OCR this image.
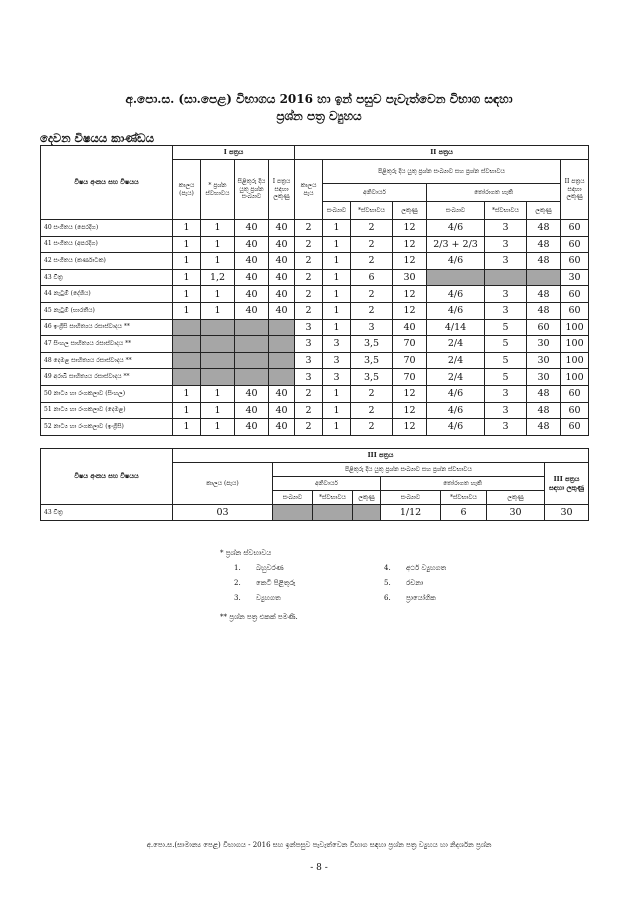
අ.පො.ස. (සා.පෙළ) විභාගය 2016 හා ඉන් පසුව පැවැත්වෙන විභාග සඳහා
ප්‍රශ්න පත්‍ර ව්‍යුහය
දෙවන විෂයය කාණ්ඩය
විෂය අංකය සහ විෂයය	I පත්‍රය				II පත්‍රය							
	කාලය (පැය)	* ප්‍රශ්න ස්වභාවය	සිළිතුරු දිය යුතු ප්‍රශ්න සංඛ්‍යාව	I පත්‍රය සඳහා ලකුණු	කාලය පැය	පිළිතුරු දිය යුතු ප්‍රශ්න සංඛ්‍යාව සහ ප්‍රශ්න ස්වභාවය						II පත්‍රය සඳහා ලකුණු
						අනිවාර්ය			තෝරාගත හැකි			
						සංඛ්‍යාව	*ස්වභාවය	ලකුණු	සංඛ්‍යාව	*ස්වභාවය	ලකුණු	
40 සංගීතය (පෙරදිග)	1	1	40	40	2	1	2	12	4/6	3	48	60
41 සංගීතය (අපරදිග)	1	1	40	40	2	1	2	12	2/3 + 2/3	3	48	60
42 සංගීතය (කර්ණාටක)	1	1	40	40	2	1	2	12	4/6	3	48	60
43 චිත්‍ර	1	1,2	40	40	2	1	6	30				30
44 නැටුම් (දේශීය)	1	1	40	40	2	1	2	12	4/6	3	48	60
45 නැටුම් (භාරතීය)	1	1	40	40	2	1	2	12	4/6	3	48	60
46 ඉංග්‍රීසි සාහිත්‍යය රසාස්වාදය **					3	1	3	40	4/14	5	60	100
47 සිංහල සාහිත්‍යය රසාස්වාදය **					3	3	3,5	70	2/4	5	30	100
48 දෙමළ සාහිත්‍යය රසාස්වාදය **					3	3	3,5	70	2/4	5	30	100
49 අරාබි සාහිත්‍යය රසාස්වාදය **					3	3	3,5	70	2/4	5	30	100
50 නාට්‍ය හා රංගකලාව (සිංහල)	1	1	40	40	2	1	2	12	4/6	3	48	60
51 නාට්‍ය හා රංගකලාව (දෙමළ)	1	1	40	40	2	1	2	12	4/6	3	48	60
52 නාට්‍ය හා රංගකලාව (ඉංග්‍රීසි)	1	1	40	40	2	1	2	12	4/6	3	48	60
විෂය අංකය සහ විෂයය	III පත්‍රය							
	කාලය (පැය)	පිළිතුරු දිය යුතු ප්‍රශ්න සංඛ්‍යාව සහ ප්‍රශ්න ස්වභාවය						III පත්‍රය සඳහා ලකුණු
		අනිවාර්ය			තෝරාගත හැකි			
		සංඛ්‍යාව	*ස්වභාවය	ලකුණු	සංඛ්‍යාව	*ස්වභාවය	ලකුණු	
43 චිත්‍ර	03				1/12	6	30	30
* ප්‍රශ්න ස්වභාවය
1. බහුවරණ	4. අර්ථ ව්‍යුහගත
2. කෙටි පිළිතුරු	5. රචනා
3. ව්‍යුහගත	6. ප්‍රායෝගික
** ප්‍රශ්න පත්‍ර එකක් පමණි.
අ.පො.ස.(සාමාන්‍ය පෙළ) විභාගය - 2016 සහ ඉන්පසුව පැවැත්වෙන විභාග සඳහා ප්‍රශ්න පත්‍ර ව්‍යුහය හා නිදර්ශන ප්‍රශ්න
- 8 -
